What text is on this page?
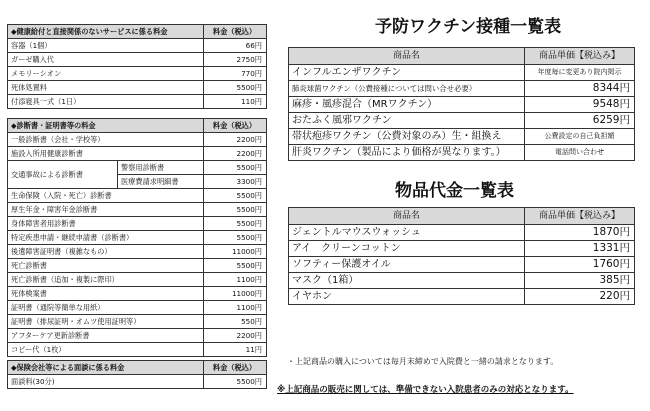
◆健康給付と直接関係のないサービスに係る料金	料金（税込）
容器（1個）	66円
ガーゼ購入代	2750円
メモリーシオン	770円
死体処置料	5500円
付添寝具一式（1日）	110円
◆診断書・証明書等の料金		料金（税込）
一般診断書（会社・学校等）		2200円
施設入所用健康診断書		2200円
交通事故による診断書	警察用診断書	5500円
	医療費請求明細書	3300円
生命保険（入院・死亡）診断書		5500円
厚生年金・障害年金診断書		5500円
身体障害者用診断書		5500円
特定疾患申請・継続申請書（診断書）		5500円
後遺障害証明書（複雑なもの）		11000円
死亡診断書		5500円
死亡診断書（追加・複製に際印）		1100円
死体検案書		11000円
証明書（通院等簡単な用紙）		1100円
証明書（排尿証明・オムツ使用証明等）		550円
アフターケア更新診断書		2200円
コピー代（1枚）		11円
◆保険会社等による面談に係る料金	料金（税込）
面談料(30分)	5500円
予防ワクチン接種一覧表
商品名	商品単価【税込み】
インフルエンザワクチン	年度毎に変更あり院内掲示
肺炎球菌ワクチン（公費接種については問い合せ必要）	8344円
麻疹・風疹混合（MRワクチン）	9548円
おたふく風邪ワクチン	6259円
帯状疱疹ワクチン（公費対象のみ）生・組換え	公費設定の自己負担額
肝炎ワクチン（製品により価格が異なります。）	電話問い合わせ
物品代金一覧表
商品名	商品単価【税込み】
ジェントルマウスウォッシュ	1870円
アイ　クリーンコットン	1331円
ソフティー保護オイル	1760円
マスク（1箱）	385円
イヤホン	220円
・上記商品の購入については毎月末締めで入院費と一緒の請求となります。
※上記商品の販売に関しては、準備できない入院患者のみの対応となります。
